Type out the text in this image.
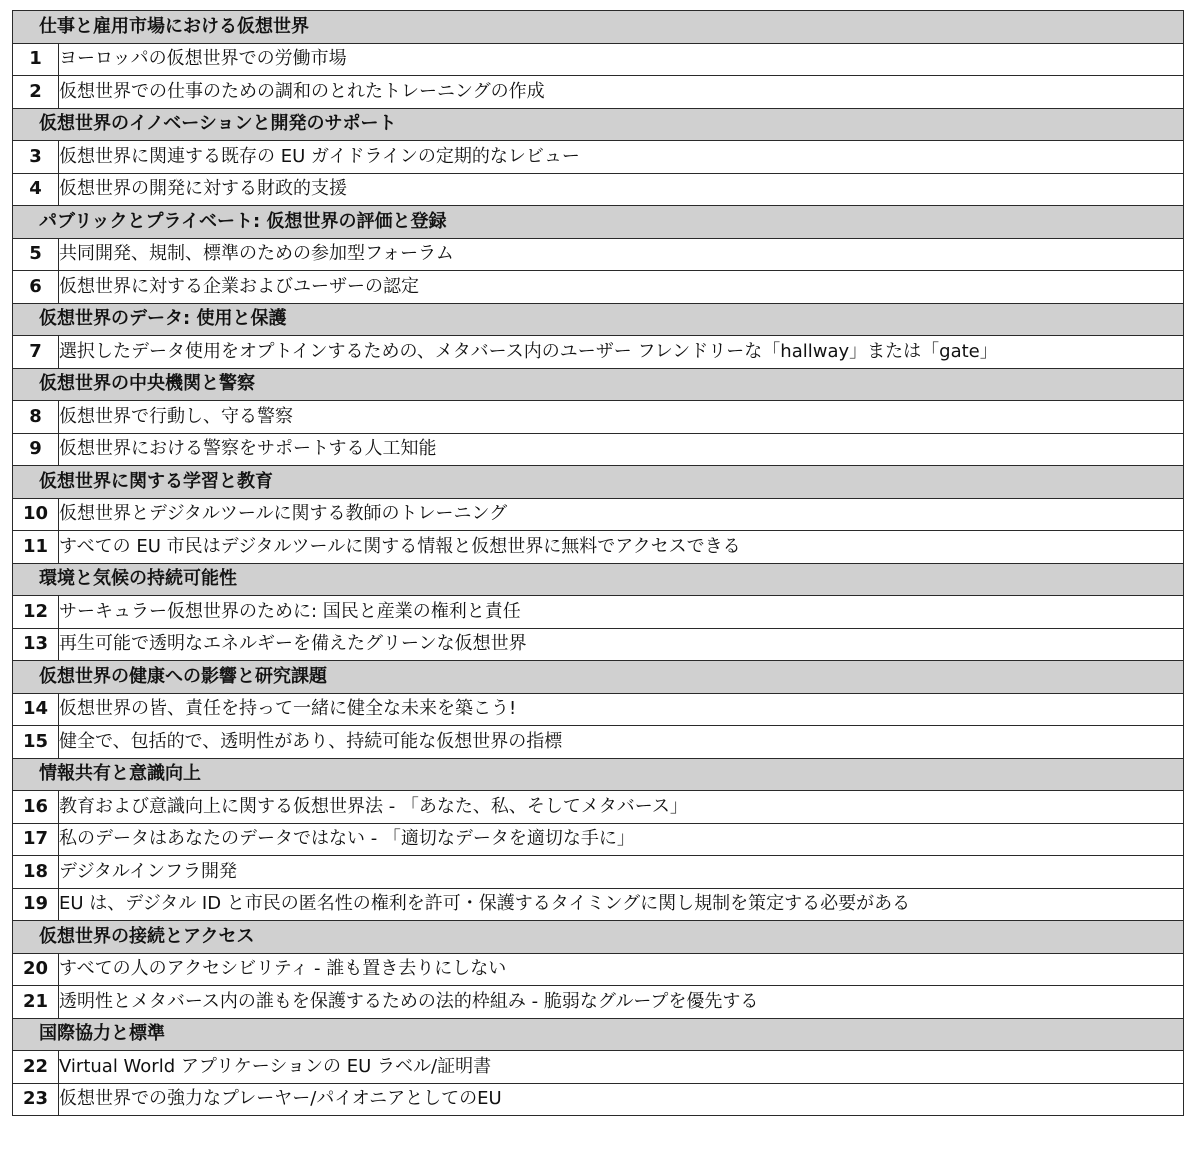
仕事と雇用市場における仮想世界	
1	ヨーロッパの仮想世界での労働市場
2	仮想世界での仕事のための調和のとれたトレーニングの作成
仮想世界のイノベーションと開発のサポート	
3	仮想世界に関連する既存の EU ガイドラインの定期的なレビュー
4	仮想世界の開発に対する財政的支援
パブリックとプライベート: 仮想世界の評価と登録	
5	共同開発、規制、標準のための参加型フォーラム
6	仮想世界に対する企業およびユーザーの認定
仮想世界のデータ: 使用と保護	
7	選択したデータ使用をオプトインするための、メタバース内のユーザー フレンドリーな「hallway」または「gate」
仮想世界の中央機関と警察	
8	仮想世界で行動し、守る警察
9	仮想世界における警察をサポートする人工知能
仮想世界に関する学習と教育	
10	仮想世界とデジタルツールに関する教師のトレーニング
11	すべての EU 市民はデジタルツールに関する情報と仮想世界に無料でアクセスできる
環境と気候の持続可能性	
12	サーキュラー仮想世界のために: 国民と産業の権利と責任
13	再生可能で透明なエネルギーを備えたグリーンな仮想世界
仮想世界の健康への影響と研究課題	
14	仮想世界の皆、責任を持って一緒に健全な未来を築こう!
15	健全で、包括的で、透明性があり、持続可能な仮想世界の指標
情報共有と意識向上	
16	教育および意識向上に関する仮想世界法 - 「あなた、私、そしてメタバース」
17	私のデータはあなたのデータではない - 「適切なデータを適切な手に」
18	デジタルインフラ開発
19	EU は、デジタル ID と市民の匿名性の権利を許可・保護するタイミングに関し規制を策定する必要がある
仮想世界の接続とアクセス	
20	すべての人のアクセシビリティ - 誰も置き去りにしない
21	透明性とメタバース内の誰もを保護するための法的枠組み - 脆弱なグループを優先する
国際協力と標準	
22	Virtual World アプリケーションの EU ラベル/証明書
23	仮想世界での強力なプレーヤー/パイオニアとしてのEU
